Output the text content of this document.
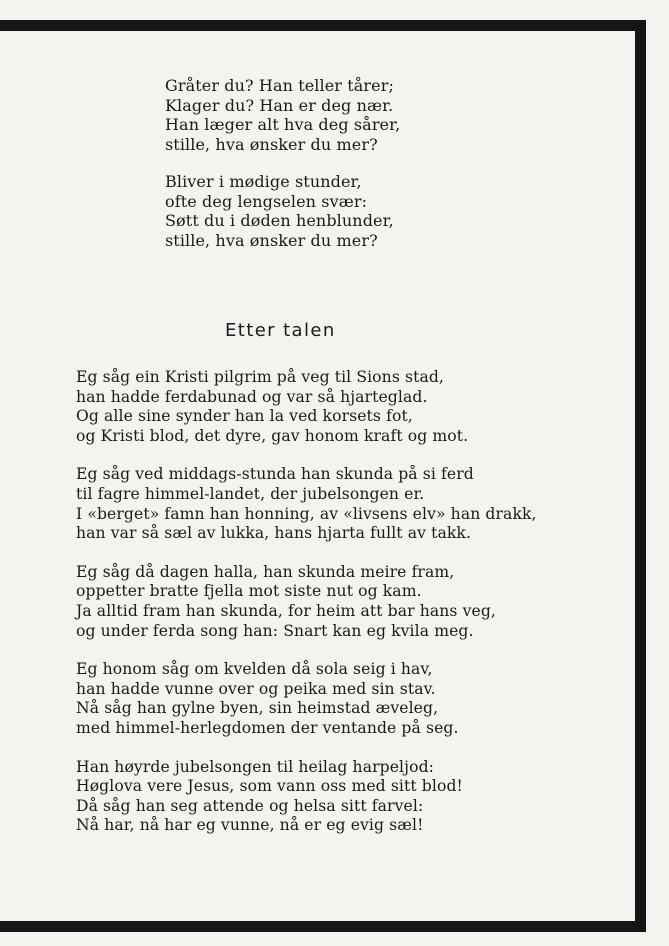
Gråter du? Han teller tårer;
Klager du? Han er deg nær.
Han læger alt hva deg sårer,
stille, hva ønsker du mer?
Bliver i mødige stunder,
ofte deg lengselen svær:
Søtt du i døden henblunder,
stille, hva ønsker du mer?
Etter talen
Eg såg ein Kristi pilgrim på veg til Sions stad,
han hadde ferdabunad og var så hjarteglad.
Og alle sine synder han la ved korsets fot,
og Kristi blod, det dyre, gav honom kraft og mot.
Eg såg ved middags-stunda han skunda på si ferd
til fagre himmel-landet, der jubelsongen er.
I «berget» famn han honning, av «livsens elv» han drakk,
han var så sæl av lukka, hans hjarta fullt av takk.
Eg såg då dagen halla, han skunda meire fram,
oppetter bratte fjella mot siste nut og kam.
Ja alltid fram han skunda, for heim att bar hans veg,
og under ferda song han: Snart kan eg kvila meg.
Eg honom såg om kvelden då sola seig i hav,
han hadde vunne over og peika med sin stav.
Nå såg han gylne byen, sin heimstad æveleg,
med himmel-herlegdomen der ventande på seg.
Han høyrde jubelsongen til heilag harpeljod:
Høglova vere Jesus, som vann oss med sitt blod!
Då såg han seg attende og helsa sitt farvel:
Nå har, nå har eg vunne, nå er eg evig sæl!
